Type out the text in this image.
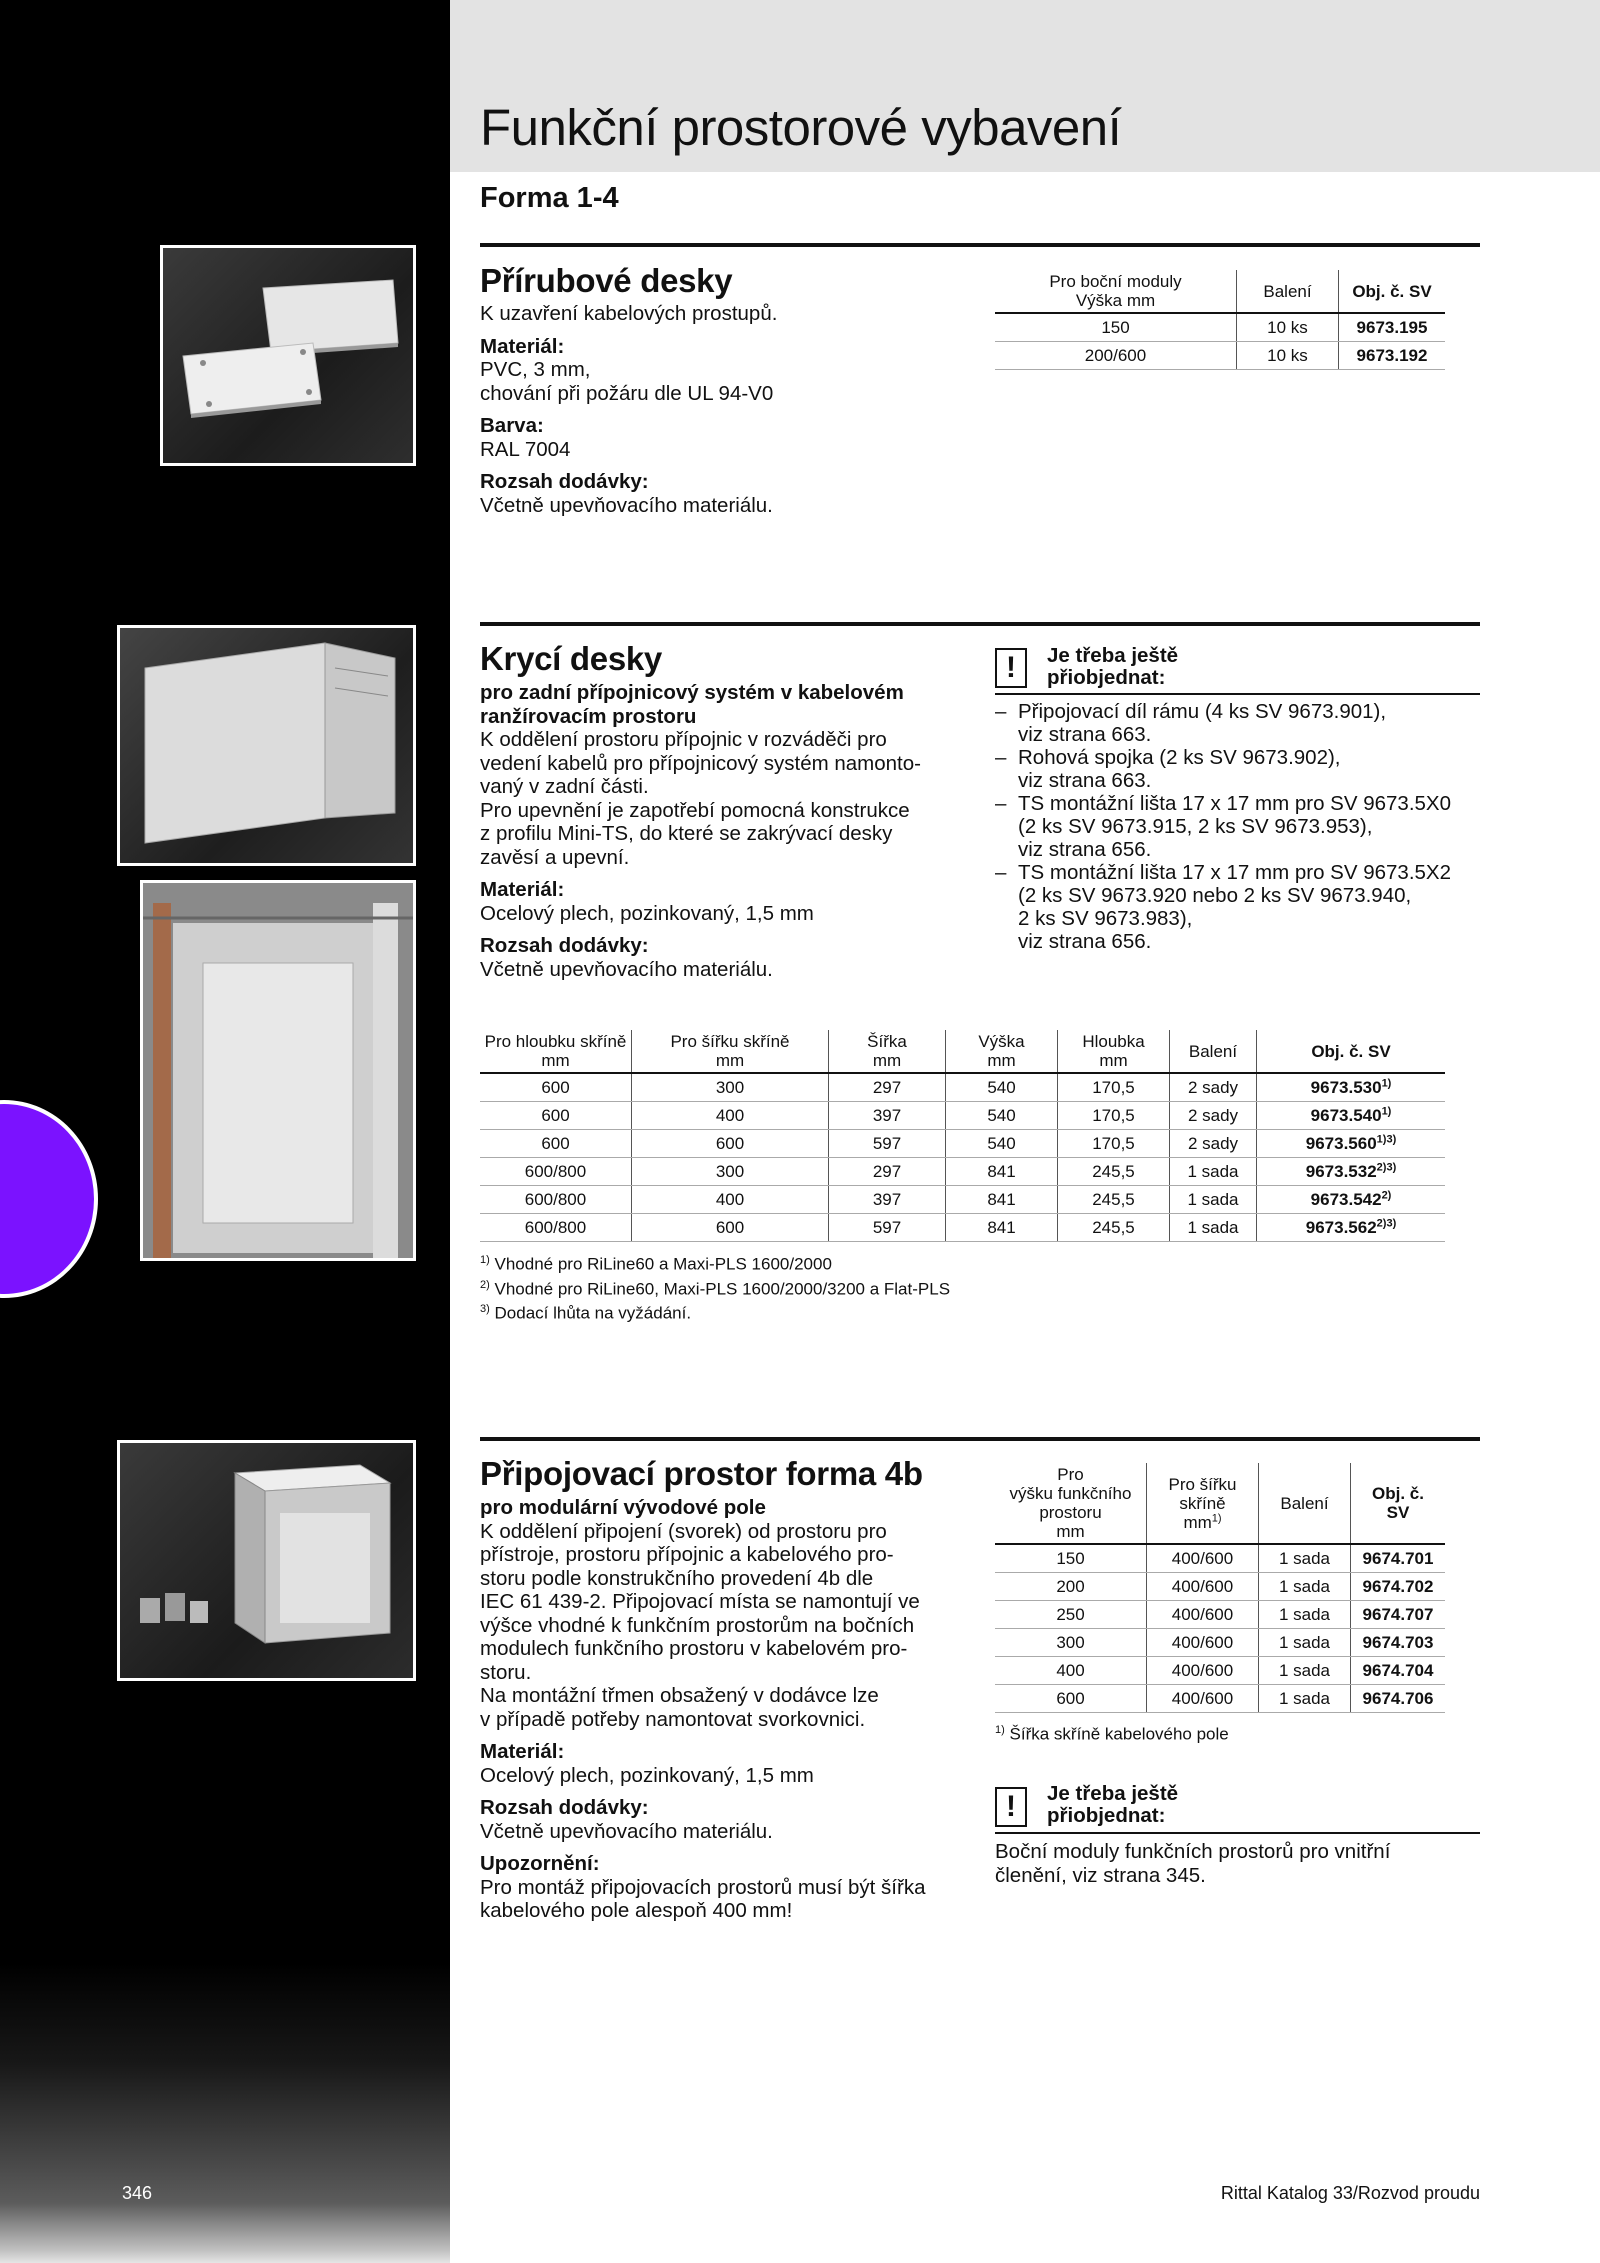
Funkční prostorové vybavení
Forma 1-4
Přírubové desky

K uzavření kabelových prostupů.

Materiál:

PVC, 3 mm,

chování při požáru dle UL 94-V0

Barva:

RAL 7004

Rozsah dodávky:

Včetně upevňovacího materiálu.

Pro boční moduly
Výška mm	Balení	Obj. č. SV
150	10 ks	9673.195
200/600	10 ks	9673.192
Krycí desky

pro zadní přípojnicový systém v kabelovém

ranžírovacím prostoru

K oddělení prostoru přípojnic v rozváděči pro

vedení kabelů pro přípojnicový systém namonto-

vaný v zadní části.

Pro upevnění je zapotřebí pomocná konstrukce

z profilu Mini-TS, do které se zakrývací desky

zavěsí a upevní.

Materiál:

Ocelový plech, pozinkovaný, 1,5 mm

Rozsah dodávky:

Včetně upevňovacího materiálu.

!	Je třeba ještě
přiobjednat:
– Připojovací díl rámu (4 ks SV 9673.901),
viz strana 663.
– Rohová spojka (2 ks SV 9673.902),
viz strana 663.
– TS montážní lišta 17 x 17 mm pro SV 9673.5X0
(2 ks SV 9673.915, 2 ks SV 9673.953),
viz strana 656.
– TS montážní lišta 17 x 17 mm pro SV 9673.5X2
(2 ks SV 9673.920 nebo 2 ks SV 9673.940,
2 ks SV 9673.983),
viz strana 656.
Pro hloubku skříně
mm	Pro šířku skříně
mm	Šířka
mm	Výška
mm	Hloubka
mm	Balení	Obj. č. SV
600	300	297	540	170,5	2 sady	9673.530$^{1)}$
600	400	397	540	170,5	2 sady	9673.540$^{1)}$
600	600	597	540	170,5	2 sady	$9673.560^{1)3)}$
600/800	300	297	841	245,5	1 sada	$9673.532^{2)3)}$
600/800	400	397	841	245,5	1 sada	9673.542$^{2)}$
600/800	600	597	841	245,5	1 sada	$9673.562^{2)3)}$
$^{1)}$ Vhodné pro RiLine60 a Maxi-PLS 1600/2000
$^{2)}$ Vhodné pro RiLine60, Maxi-PLS 1600/2000/3200 a Flat-PLS
$^{3)}$ Dodací lhůta na vyžádání.
Připojovací prostor forma 4b

pro modulární vývodové pole

K oddělení připojení (svorek) od prostoru pro

přístroje, prostoru přípojnic a kabelového pro-

storu podle konstrukčního provedení 4b dle

IEC 61 439-2. Připojovací místa se namontují ve

výšce vhodné k funkčním prostorům na bočních

modulech funkčního prostoru v kabelovém pro-

storu.

Na montážní třmen obsažený v dodávce lze

v případě potřeby namontovat svorkovnici.

Materiál:

Ocelový plech, pozinkovaný, 1,5 mm

Rozsah dodávky:

Včetně upevňovacího materiálu.

Upozornění:

Pro montáž připojovacích prostorů musí být šířka

kabelového pole alespoň 400 mm!

Pro
výšku funkčního
prostoru
mm	Pro šířku
skříně
$mm^{1)}$	Balení	Obj. č.
SV
150	400/600	1 sada	9674.701
200	400/600	1 sada	9674.702
250	400/600	1 sada	9674.707
300	400/600	1 sada	9674.703
400	400/600	1 sada	9674.704
600	400/600	1 sada	9674.706
$^{1)}$ Šířka skříně kabelového pole
!	Je třeba ještě
přiobjednat:

Boční moduly funkčních prostorů pro vnitřní

členění, viz strana 345.

346	Rittal Katalog 33/Rozvod proudu
